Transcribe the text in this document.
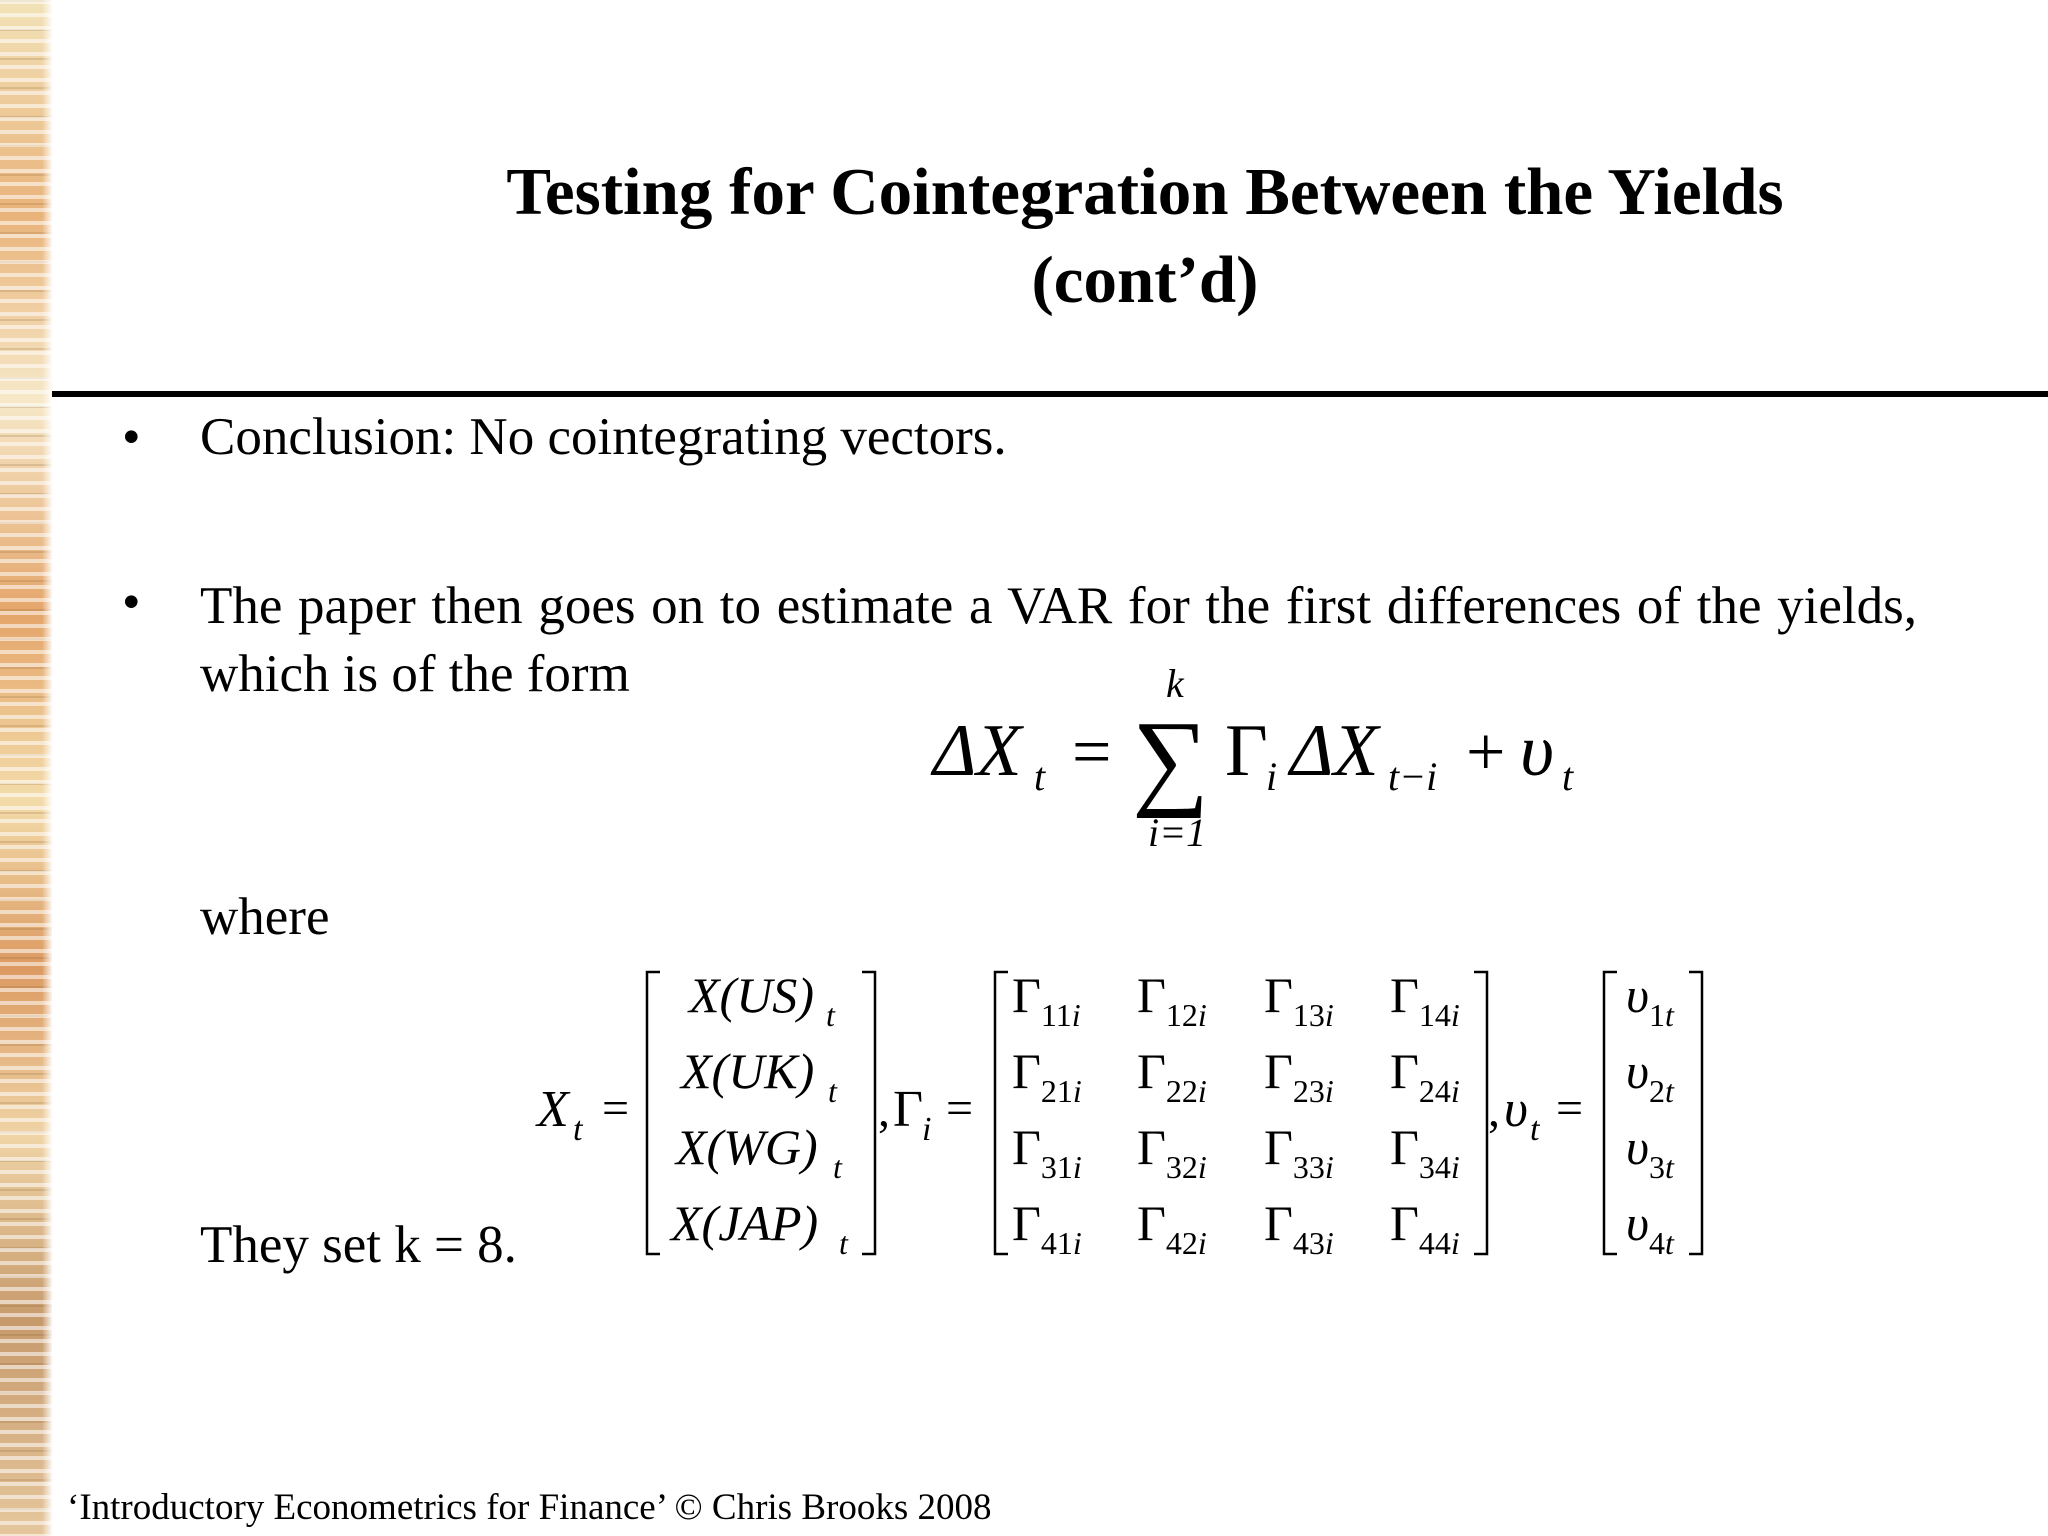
Testing for Cointegration Between the Yields
(cont’d)
• Conclusion: No cointegrating vectors.
• The paper then goes on to estimate a VAR for the first differences of the yields, which is of the form
where
They set k = 8.
ΔX t =
k
∑
i=1
Γ
i ΔX t−i + υ t
X t =
X(US) t
X(UK) t
X(WG) t
X(JAP) t
, Γ
i =
$\Gamma_{11}i$ $\Gamma_{12}i$ $\Gamma_{13}i$ $\Gamma_{14}i$
$\Gamma_{21}i$ $\Gamma_{22}i$ $\Gamma_{23}i$ $\Gamma_{24}i$
$\Gamma_{31}i$ $\Gamma_{32}i$ $\Gamma_{33}i$ $\Gamma_{34}i$
$\Gamma_{41}i$ $\Gamma_{42}i$ $\Gamma_{43}i$ $\Gamma_{44}i$
, υ t =
$\upsilon_1t$
$\upsilon_2t$
$\upsilon_3t$
$\upsilon_4t$
‘Introductory Econometrics for Finance’ © Chris Brooks 2008
